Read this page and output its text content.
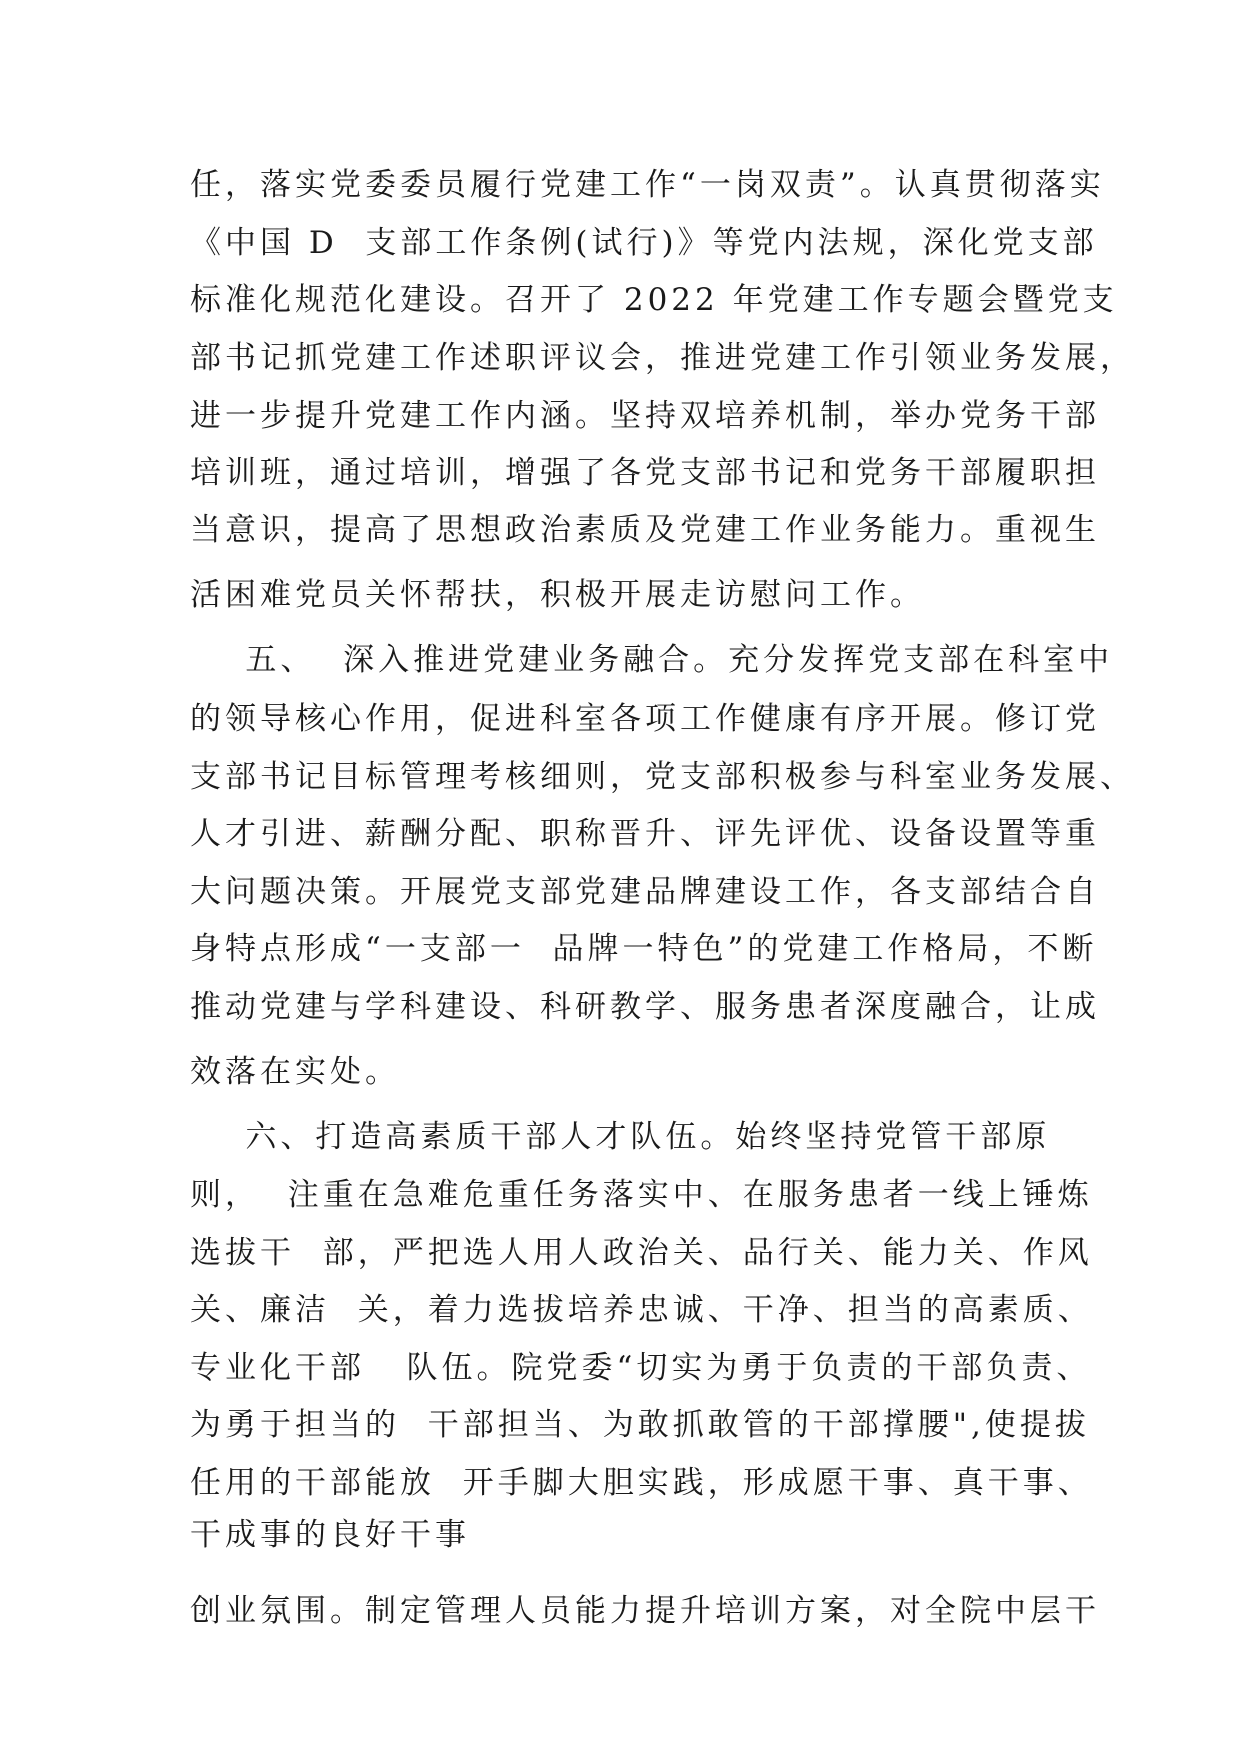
任，落实党委委员履行党建工作“一岗双责”。认真贯彻落实

《中国 D  支部工作条例(试行)》等党内法规，深化党支部

标准化规范化建设。召开了 2022 年党建工作专题会暨党支

部书记抓党建工作述职评议会，推进党建工作引领业务发展，

进一步提升党建工作内涵。坚持双培养机制，举办党务干部

培训班，通过培训，增强了各党支部书记和党务干部履职担

当意识，提高了思想政治素质及党建工作业务能力。重视生

活困难党员关怀帮扶，积极开展走访慰问工作。

五、  深入推进党建业务融合。充分发挥党支部在科室中

的领导核心作用，促进科室各项工作健康有序开展。修订党

支部书记目标管理考核细则，党支部积极参与科室业务发展、

人才引进、薪酬分配、职称晋升、评先评优、设备设置等重

大问题决策。开展党支部党建品牌建设工作，各支部结合自

身特点形成“一支部一  品牌一特色”的党建工作格局，不断

推动党建与学科建设、科研教学、服务患者深度融合，让成

效落在实处。

六、打造高素质干部人才队伍。始终坚持党管干部原

则，  注重在急难危重任务落实中、在服务患者一线上锤炼

选拔干  部，严把选人用人政治关、品行关、能力关、作风

关、廉洁  关，着力选拔培养忠诚、干净、担当的高素质、

专业化干部   队伍。院党委“切实为勇于负责的干部负责、

为勇于担当的  干部担当、为敢抓敢管的干部撑腰",使提拔

任用的干部能放  开手脚大胆实践，形成愿干事、真干事、

干成事的良好干事

创业氛围。制定管理人员能力提升培训方案，对全院中层干
